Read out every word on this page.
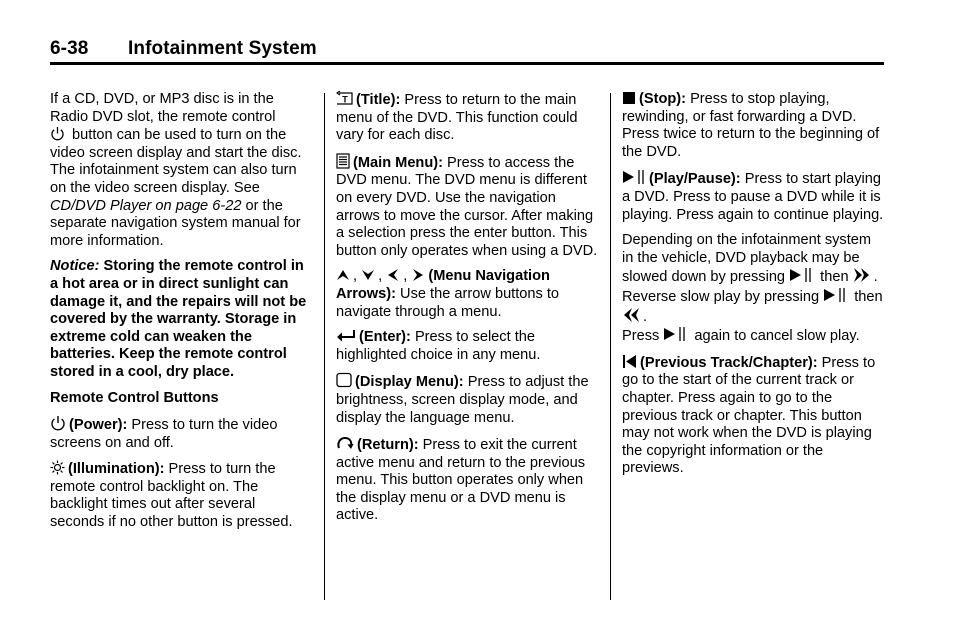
6-38 Infotainment System

If a CD, DVD, or MP3 disc is in the Radio DVD slot, the remote control

button can be used to turn on the video screen display and start the disc. The infotainment system can also turn on the video screen display. See CD/DVD Player on page 6-22 or the separate navigation system manual for more information.

Notice: Storing the remote control in a hot area or in direct sunlight can damage it, and the repairs will not be covered by the warranty. Storage in extreme cold can weaken the batteries. Keep the remote control stored in a cool, dry place.

Remote Control Buttons

(Power): Press to turn the video screens on and off.

(Illumination): Press to turn the remote control backlight on. The backlight times out after several seconds if no other button is pressed.

T (Title): Press to return to the main menu of the DVD. This function could vary for each disc.

(Main Menu): Press to access the DVD menu. The DVD menu is different on every DVD. Use the navigation arrows to move the cursor. After making a selection press the enter button. This button only operates when using a DVD.

,
,
,
(Menu Navigation Arrows): Use the arrow buttons to navigate through a menu.

(Enter): Press to select the highlighted choice in any menu.

(Display Menu): Press to adjust the brightness, screen display mode, and display the language menu.

(Return): Press to exit the current active menu and return to the previous menu. This button operates only when the display menu or a DVD menu is active.

(Stop): Press to stop playing, rewinding, or fast forwarding a DVD. Press twice to return to the beginning of the DVD.

(Play/Pause): Press to start playing a DVD. Press to pause a DVD while it is playing. Press again to continue playing.

Depending on the infotainment system in the vehicle, DVD playback may be slowed down by pressing
then . Reverse slow play by pressing
then
.
Press
again to cancel slow play.

(Previous Track/Chapter): Press to go to the start of the current track or chapter. Press again to go to the previous track or chapter. This button may not work when the DVD is playing the copyright information or the previews.
